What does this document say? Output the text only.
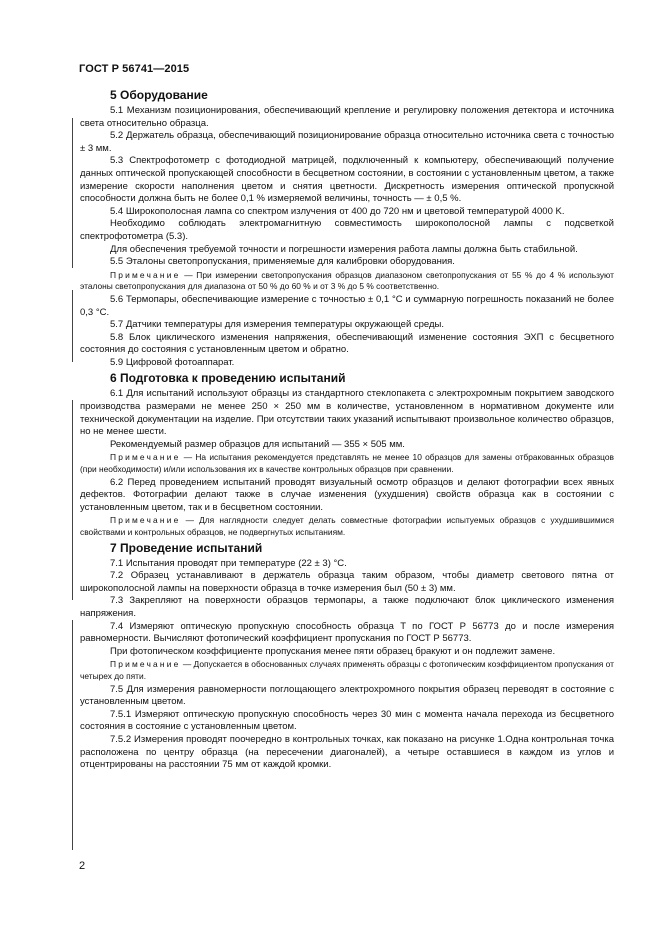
ГОСТ Р 56741—2015
5 Оборудование

5.1 Механизм позиционирования, обеспечивающий крепление и регулировку положения детектора и источника света относительно образца.

5.2 Держатель образца, обеспечивающий позиционирование образца относительно источника света с точностью ± 3 мм.

5.3 Спектрофотометр с фотодиодной матрицей, подключенный к компьютеру, обеспечивающий получение данных оптической пропускающей способности в бесцветном состоянии, в состоянии с установленным цветом, а также измерение скорости наполнения цветом и снятия цветности. Дискретность измерения оптической пропускной способности должна быть не более 0,1 % измеряемой величины, точность — ± 0,5 %.

5.4 Широкополосная лампа со спектром излучения от 400 до 720 нм и цветовой температурой 4000 K.

Необходимо соблюдать электромагнитную совместимость широкополосной лампы с подсветкой спектрофотометра (5.3).

Для обеспечения требуемой точности и погрешности измерения работа лампы должна быть стабильной.

5.5 Эталоны светопропускания, применяемые для калибровки оборудования.

Примечание — При измерении светопропускания образцов диапазоном светопропускания от 55 % до 4 % используют эталоны светопропускания для диапазона от 50 % до 60 % и от 3 % до 5 % соответственно.

5.6 Термопары, обеспечивающие измерение с точностью ± 0,1 °C и суммарную погрешность показаний не более 0,3 °C.

5.7 Датчики температуры для измерения температуры окружающей среды.

5.8 Блок циклического изменения напряжения, обеспечивающий изменение состояния ЭХП с бесцветного состояния до состояния с установленным цветом и обратно.

5.9 Цифровой фотоаппарат.

6 Подготовка к проведению испытаний

6.1 Для испытаний используют образцы из стандартного стеклопакета с электрохромным покрытием заводского производства размерами не менее 250 × 250 мм в количестве, установленном в нормативном документе или технической документации на изделие. При отсутствии таких указаний испытывают произвольное количество образцов, но не менее шести.

Рекомендуемый размер образцов для испытаний — 355 × 505 мм.

Примечание — На испытания рекомендуется представлять не менее 10 образцов для замены отбракованных образцов (при необходимости) и/или использования их в качестве контрольных образцов при сравнении.

6.2 Перед проведением испытаний проводят визуальный осмотр образцов и делают фотографии всех явных дефектов. Фотографии делают также в случае изменения (ухудшения) свойств образца как в состоянии с установленным цветом, так и в бесцветном состоянии.

Примечание — Для наглядности следует делать совместные фотографии испытуемых образцов с ухудшившимися свойствами и контрольных образцов, не подвергнутых испытаниям.

7 Проведение испытаний

7.1 Испытания проводят при температуре (22 ± 3) °С.

7.2 Образец устанавливают в держатель образца таким образом, чтобы диаметр светового пятна от широкополосной лампы на поверхности образца в точке измерения был (50 ± 3) мм.

7.3 Закрепляют на поверхности образцов термопары, а также подключают блок циклического изменения напряжения.

7.4 Измеряют оптическую пропускную способность образца T по ГОСТ Р 56773 до и после измерения равномерности. Вычисляют фотопический коэффициент пропускания по ГОСТ Р 56773.

При фотопическом коэффициенте пропускания менее пяти образец бракуют и он подлежит замене.

Примечание — Допускается в обоснованных случаях применять образцы с фотопическим коэффициентом пропускания от четырех до пяти.

7.5 Для измерения равномерности поглощающего электрохромного покрытия образец переводят в состояние с установленным цветом.

7.5.1 Измеряют оптическую пропускную способность через 30 мин с момента начала перехода из бесцветного состояния в состояние с установленным цветом.

7.5.2 Измерения проводят поочередно в контрольных точках, как показано на рисунке 1.Одна контрольная точка расположена по центру образца (на пересечении диагоналей), а четыре оставшиеся в каждом из углов и отцентрированы на расстоянии 75 мм от каждой кромки.

2
